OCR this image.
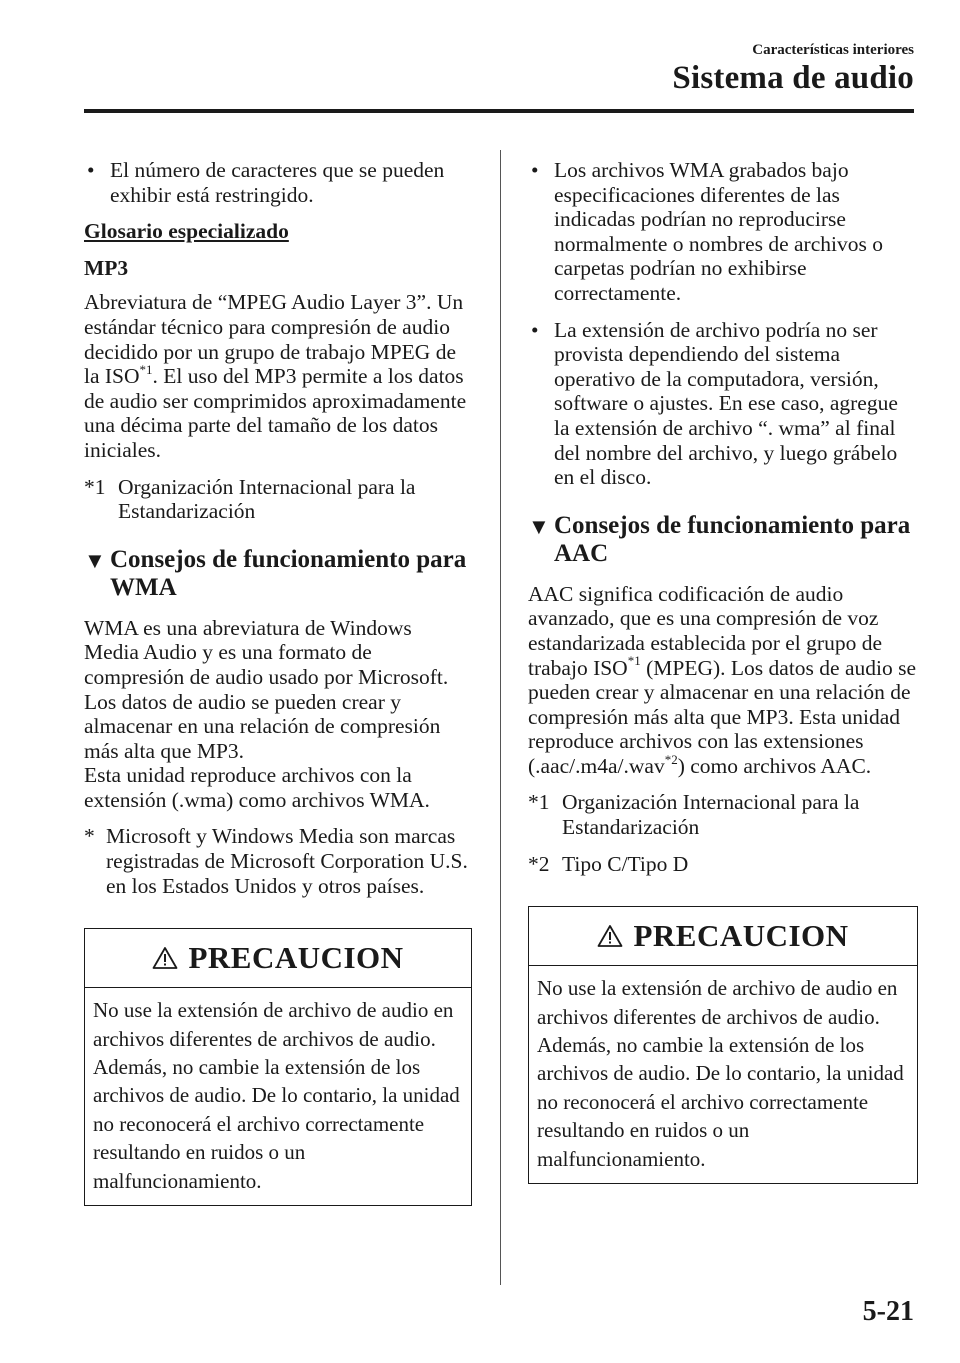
Características interiores
Sistema de audio
• El número de caracteres que se pueden exhibir está restringido.
Glosario especializado
MP3

Abreviatura de “MPEG Audio Layer 3”. Un estándar técnico para compresión de audio decidido por un grupo de trabajo MPEG de la ISO$^{*1}$. El uso del MP3 permite a los datos de audio ser comprimidos aproximadamente una décima parte del tamaño de los datos iniciales.

*1 Organización Internacional para la Estandarización
▼ Consejos de funcionamiento para WMA

WMA es una abreviatura de Windows Media Audio y es una formato de compresión de audio usado por Microsoft. Los datos de audio se pueden crear y almacenar en una relación de compresión más alta que MP3.

Esta unidad reproduce archivos con la extensión (.wma) como archivos WMA.

* Microsoft y Windows Media son marcas registradas de Microsoft Corporation U.S. en los Estados Unidos y otros países.
PRECAUCION
No use la extensión de archivo de audio en archivos diferentes de archivos de audio. Además, no cambie la extensión de los archivos de audio. De lo contario, la unidad no reconocerá el archivo correctamente resultando en ruidos o un malfuncionamiento.
• Los archivos WMA grabados bajo especificaciones diferentes de las indicadas podrían no reproducirse normalmente o nombres de archivos o carpetas podrían no exhibirse correctamente.
• La extensión de archivo podría no ser provista dependiendo del sistema operativo de la computadora, versión, software o ajustes. En ese caso, agregue la extensión de archivo “. wma” al final del nombre del archivo, y luego grábelo en el disco.
▼ Consejos de funcionamiento para AAC

AAC significa codificación de audio avanzado, que es una compresión de voz estandarizada establecida por el grupo de trabajo ISO$^{*1}$ (MPEG). Los datos de audio se pueden crear y almacenar en una relación de compresión más alta que MP3. Esta unidad reproduce archivos con las extensiones (.aac/.m4a/.wav$^{*2}$) como archivos AAC.

*1 Organización Internacional para la Estandarización
*2 Tipo C/Tipo D
PRECAUCION
No use la extensión de archivo de audio en archivos diferentes de archivos de audio. Además, no cambie la extensión de los archivos de audio. De lo contario, la unidad no reconocerá el archivo correctamente resultando en ruidos o un malfuncionamiento.
5-21
